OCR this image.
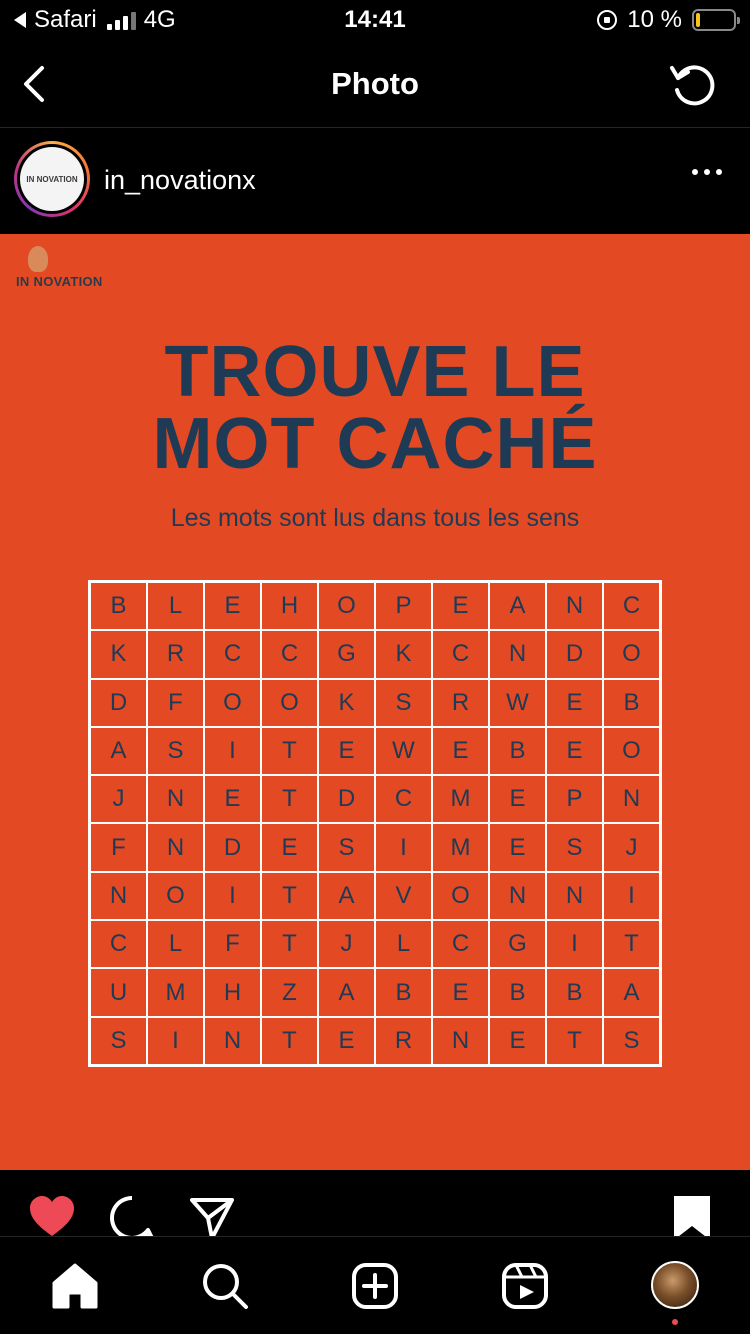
Safari 4G	14:41	10 %
Photo
IN NOVATION in_novationx
IN NOVATION
TROUVE LE
MOT CACHÉ
Les mots sont lus dans tous les sens
B	L	E	H	O	P	E	A	N	C
K	R	C	C	G	K	C	N	D	O
D	F	O	O	K	S	R	W	E	B
A	S	I	T	E	W	E	B	E	O
J	N	E	T	D	C	M	E	P	N
F	N	D	E	S	I	M	E	S	J
N	O	I	T	A	V	O	N	N	I
C	L	F	T	J	L	C	G	I	T
U	M	H	Z	A	B	E	B	B	A
S	I	N	T	E	R	N	E	T	S
